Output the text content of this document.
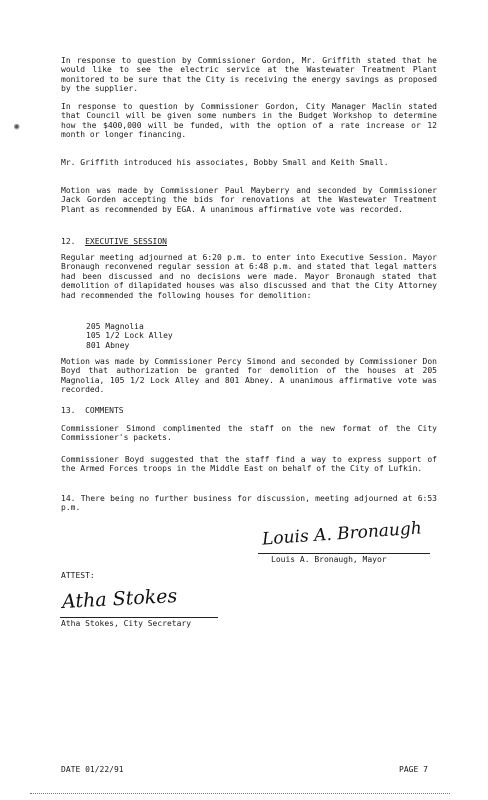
◉

In response to question by Commissioner Gordon, Mr. Griffith stated that he would like to see the electric service at the Wastewater Treatment Plant monitored to be sure that the City is receiving the energy savings as proposed by the supplier.

In response to question by Commissioner Gordon, City Manager Maclin stated that Council will be given some numbers in the Budget Workshop to determine how the $400,000 will be funded, with the option of a rate increase or 12 month or longer financing.

Mr. Griffith introduced his associates, Bobby Small and Keith Small.

Motion was made by Commissioner Paul Mayberry and seconded by Commissioner Jack Gorden accepting the bids for renovations at the Wastewater Treatment Plant as recommended by EGA. A unanimous affirmative vote was recorded.

12. EXECUTIVE SESSION

Regular meeting adjourned at 6:20 p.m. to enter into Executive Session. Mayor Bronaugh reconvened regular session at 6:48 p.m. and stated that legal matters had been discussed and no decisions were made. Mayor Bronaugh stated that demolition of dilapidated houses was also discussed and that the City Attorney had recommended the following houses for demolition:

205 Magnolia
105 1/2 Lock Alley
801 Abney

Motion was made by Commissioner Percy Simond and seconded by Commissioner Don Boyd that authorization be granted for demolition of the houses at 205 Magnolia, 105 1/2 Lock Alley and 801 Abney. A unanimous affirmative vote was recorded.

13. COMMENTS

Commissioner Simond complimented the staff on the new format of the City Commissioner's packets.

Commissioner Boyd suggested that the staff find a way to express support of the Armed Forces troops in the Middle East on behalf of the City of Lufkin.

14. There being no further business for discussion, meeting adjourned at 6:53 p.m.

Louis A. Bronaugh
Louis A. Bronaugh, Mayor
ATTEST:
Atha Stokes
Atha Stokes, City Secretary
DATE 01/22/91	PAGE 7
